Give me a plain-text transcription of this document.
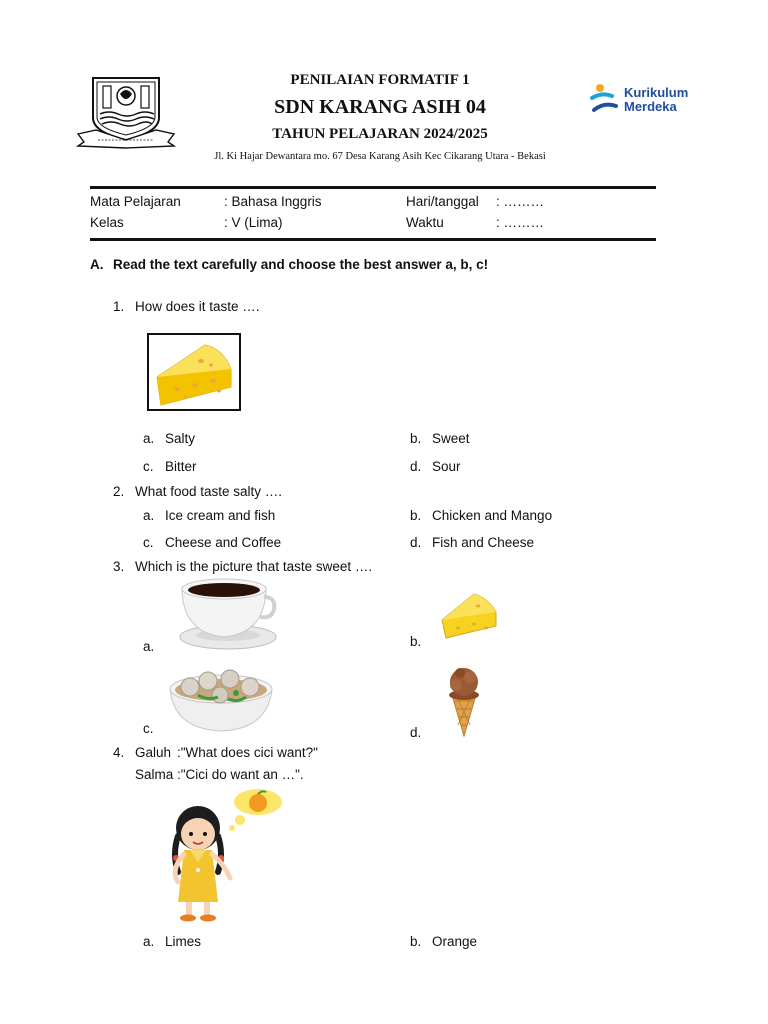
PENILAIAN FORMATIF 1
SDN KARANG ASIH 04
TAHUN PELAJARAN 2024/2025
Jl. Ki Hajar Dewantara mo. 67 Desa Karang Asih Kec Cikarang Utara - Bekasi
Kurikulum
Merdeka
Mata Pelajaran	: Bahasa Inggris	Hari/tanggal : ………
Kelas	: V (Lima)	Waktu	: ………
A. Read the text carefully and choose the best answer a, b, c!
1. How does it taste ….
a. Salty	b. Sweet
c. Bitter	d. Sour
2. What food taste salty ….
a. Ice cream and fish	b. Chicken and Mango
c. Cheese and Coffee	d. Fish and Cheese
3. Which is the picture that taste sweet ….
a.	b.
c.	d.
4. Galuh :"What does cici want?"
Salma :"Cici do want an …".
a. Limes	b. Orange
